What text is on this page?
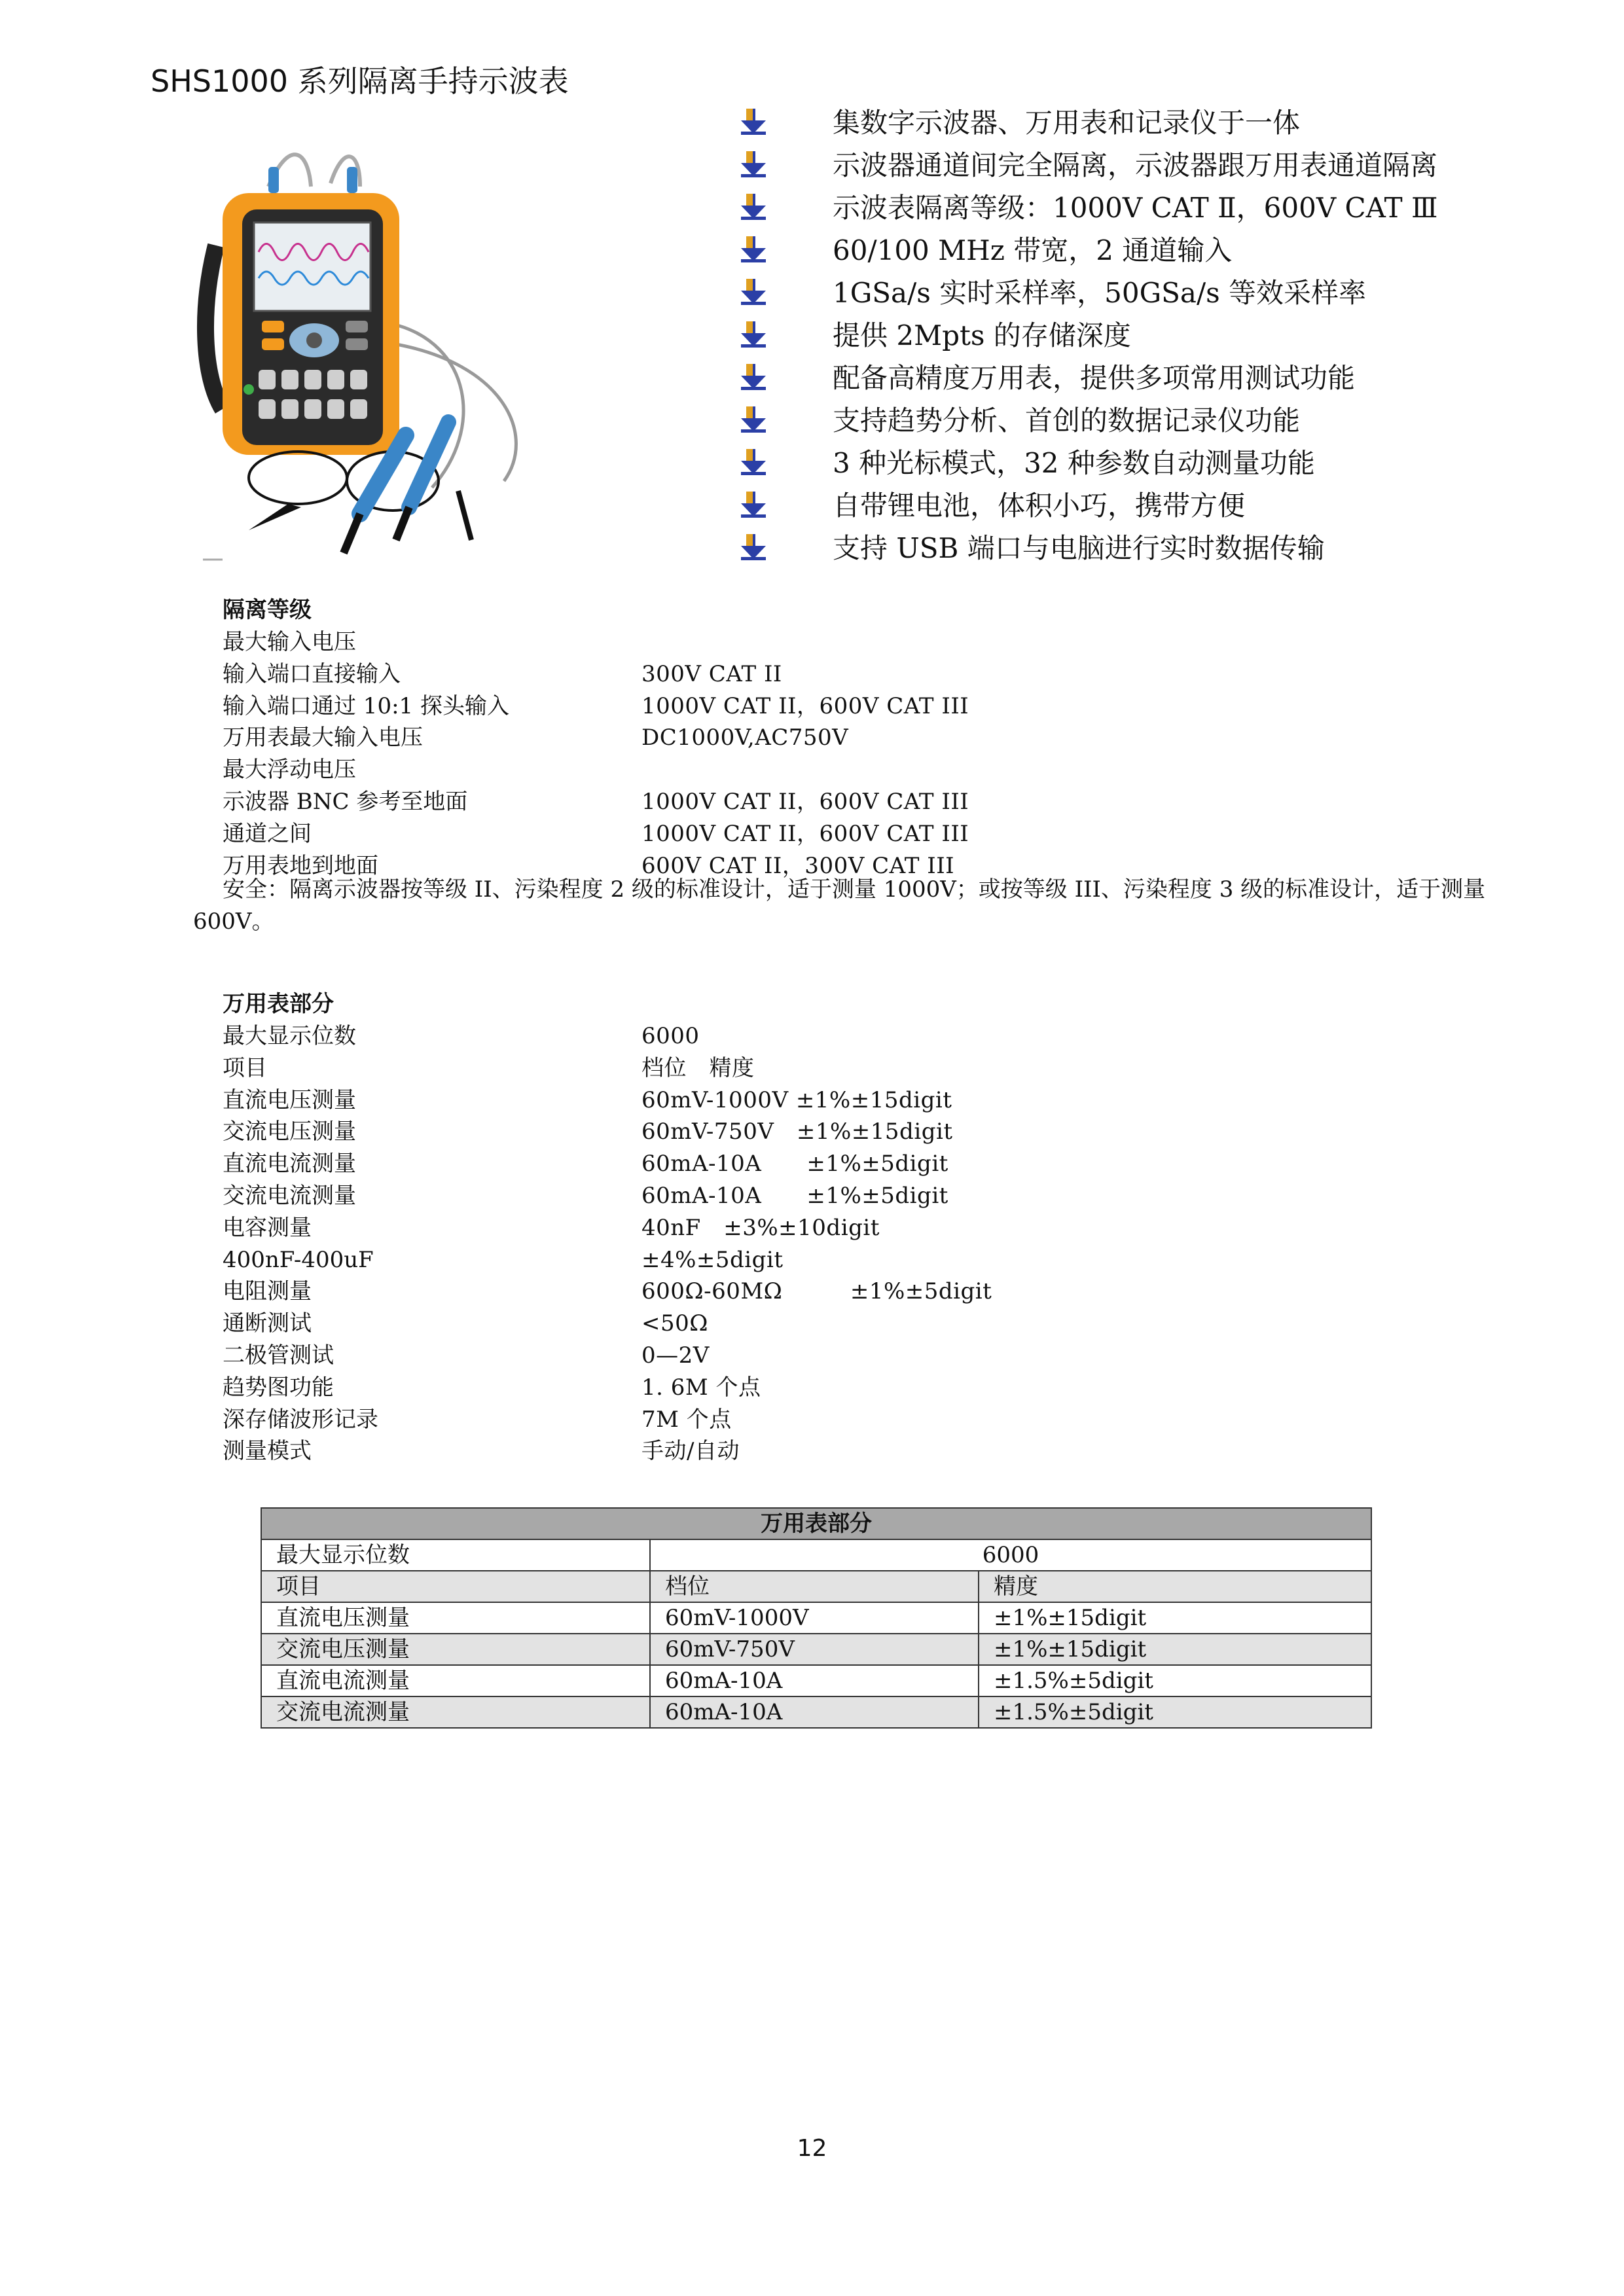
SHS1000 系列隔离手持示波表
集数字示波器、万用表和记录仪于一体
示波器通道间完全隔离，示波器跟万用表通道隔离
示波表隔离等级：1000V CAT Ⅱ，600V CAT Ⅲ
60/100 MHz 带宽，2 通道输入
1GSa/s 实时采样率，50GSa/s 等效采样率
提供 2Mpts 的存储深度
配备高精度万用表，提供多项常用测试功能
支持趋势分析、首创的数据记录仪功能
3 种光标模式，32 种参数自动测量功能
自带锂电池，体积小巧，携带方便
支持 USB 端口与电脑进行实时数据传输
隔离等级
最大输入电压
输入端口直接输入	300V CAT II
输入端口通过 10:1 探头输入	1000V CAT II，600V CAT III
万用表最大输入电压	DC1000V,AC750V
最大浮动电压
示波器 BNC 参考至地面	1000V CAT II，600V CAT III
通道之间	1000V CAT II，600V CAT III
万用表地到地面	600V CAT II，300V CAT III
安全：隔离示波器按等级 II、污染程度 2 级的标准设计，适于测量 1000V；或按等级 III、污染程度 3 级的标准设计，适于测量 600V。
万用表部分
最大显示位数	6000
项目	档位　精度
直流电压测量	60mV-1000V ±1%±15digit
交流电压测量	60mV-750V　±1%±15digit
直流电流测量	60mA-10A　　±1%±5digit
交流电流测量	60mA-10A　　±1%±5digit
电容测量	40nF　±3%±10digit
400nF-400uF	±4%±5digit
电阻测量	600Ω-60MΩ　　　±1%±5digit
通断测试	<50Ω
二极管测试	0—2V
趋势图功能	1. 6M 个点
深存储波形记录	7M 个点
测量模式	手动/自动
万用表部分		
最大显示位数	6000	
项目	档位	精度
直流电压测量	60mV-1000V	±1%±15digit
交流电压测量	60mV-750V	±1%±15digit
直流电流测量	60mA-10A	±1.5%±5digit
交流电流测量	60mA-10A	±1.5%±5digit
12
